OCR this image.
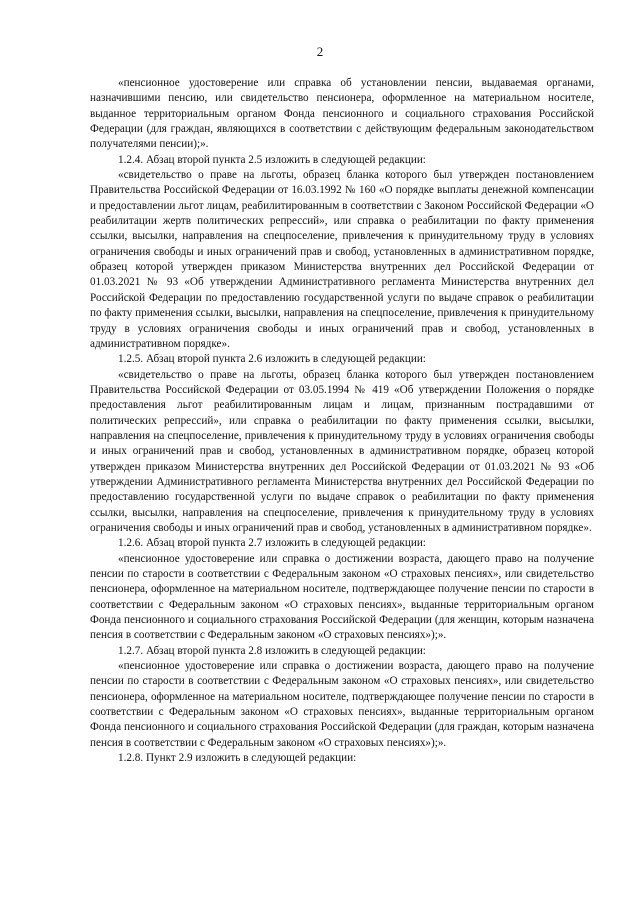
2

«пенсионное удостоверение или справка об установлении пенсии, выдаваемая органами, назначившими пенсию, или свидетельство пенсионера, оформленное на материальном носителе, выданное территориальным органом Фонда пенсионного и социального страхования Российской Федерации (для граждан, являющихся в соответствии с действующим федеральным законодательством получателями пенсии);».

1.2.4. Абзац второй пункта 2.5 изложить в следующей редакции:

«свидетельство о праве на льготы, образец бланка которого был утвержден постановлением Правительства Российской Федерации от 16.03.1992 № 160 «О порядке выплаты денежной компенсации и предоставлении льгот лицам, реабилитированным в соответствии с Законом Российской Федерации «О реабилитации жертв политических репрессий», или справка о реабилитации по факту применения ссылки, высылки, направления на спецпоселение, привлечения к принудительному труду в условиях ограничения свободы и иных ограничений прав и свобод, установленных в административном порядке, образец которой утвержден приказом Министерства внутренних дел Российской Федерации от 01.03.2021 № 93 «Об утверждении Административного регламента Министерства внутренних дел Российской Федерации по предоставлению государственной услуги по выдаче справок о реабилитации по факту применения ссылки, высылки, направления на спецпоселение, привлечения к принудительному труду в условиях ограничения свободы и иных ограничений прав и свобод, установленных в административном порядке».

1.2.5. Абзац второй пункта 2.6 изложить в следующей редакции:

«свидетельство о праве на льготы, образец бланка которого был утвержден постановлением Правительства Российской Федерации от 03.05.1994 № 419 «Об утверждении Положения о порядке предоставления льгот реабилитированным лицам и лицам, признанным пострадавшими от политических репрессий», или справка о реабилитации по факту применения ссылки, высылки, направления на спецпоселение, привлечения к принудительному труду в условиях ограничения свободы и иных ограничений прав и свобод, установленных в административном порядке, образец которой утвержден приказом Министерства внутренних дел Российской Федерации от 01.03.2021 № 93 «Об утверждении Административного регламента Министерства внутренних дел Российской Федерации по предоставлению государственной услуги по выдаче справок о реабилитации по факту применения ссылки, высылки, направления на спецпоселение, привлечения к принудительному труду в условиях ограничения свободы и иных ограничений прав и свобод, установленных в административном порядке».

1.2.6. Абзац второй пункта 2.7 изложить в следующей редакции:

«пенсионное удостоверение или справка о достижении возраста, дающего право на получение пенсии по старости в соответствии с Федеральным законом «О страховых пенсиях», или свидетельство пенсионера, оформленное на материальном носителе, подтверждающее получение пенсии по старости в соответствии с Федеральным законом «О страховых пенсиях», выданные территориальным органом Фонда пенсионного и социального страхования Российской Федерации (для женщин, которым назначена пенсия в соответствии с Федеральным законом «О страховых пенсиях»);».

1.2.7. Абзац второй пункта 2.8 изложить в следующей редакции:

«пенсионное удостоверение или справка о достижении возраста, дающего право на получение пенсии по старости в соответствии с Федеральным законом «О страховых пенсиях», или свидетельство пенсионера, оформленное на материальном носителе, подтверждающее получение пенсии по старости в соответствии с Федеральным законом «О страховых пенсиях», выданные территориальным органом Фонда пенсионного и социального страхования Российской Федерации (для граждан, которым назначена пенсия в соответствии с Федеральным законом «О страховых пенсиях»);».

1.2.8. Пункт 2.9 изложить в следующей редакции:
